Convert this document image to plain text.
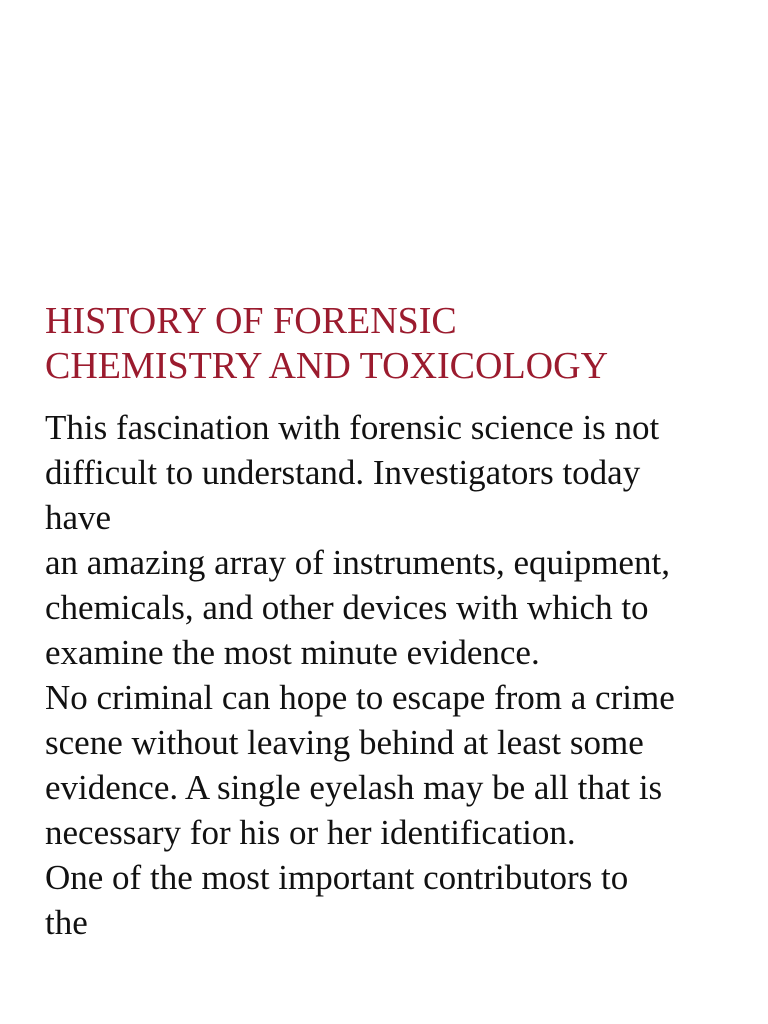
HISTORY OF FORENSIC
CHEMISTRY AND TOXICOLOGY
This fascination with forensic science is not
difficult to understand. Investigators today
have
an amazing array of instruments, equipment,
chemicals, and other devices with which to
examine the most minute evidence.
No criminal can hope to escape from a crime
scene without leaving behind at least some
evidence. A single eyelash may be all that is
necessary for his or her identification.
One of the most important contributors to
the
